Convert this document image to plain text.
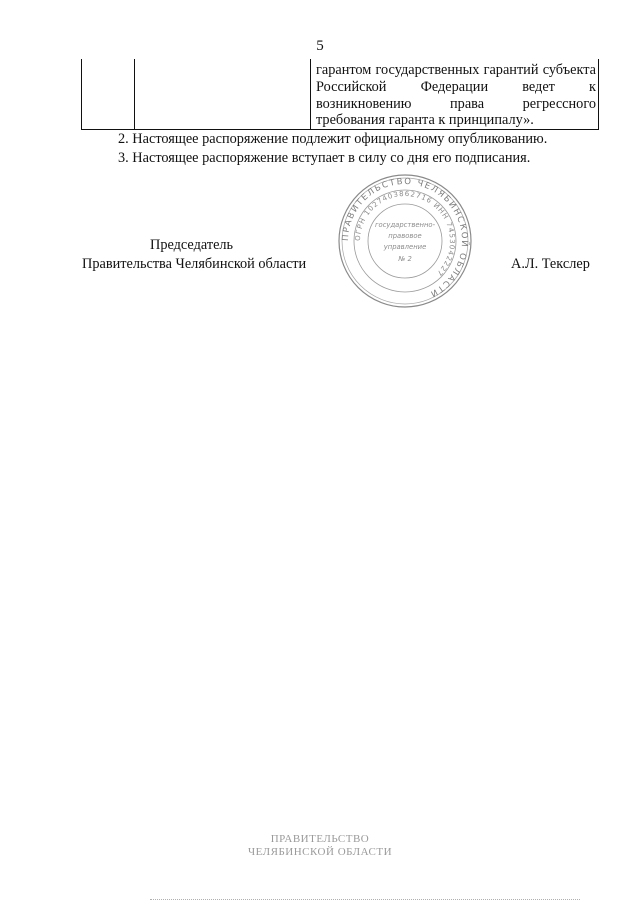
5

гарантом государственных гарантий субъекта Российской Федерации ведет к возникновению права регрессного требования гаранта к принципалу».
2. Настоящее распоряжение подлежит официальному опубликованию.
3. Настоящее распоряжение вступает в силу со дня его подписания.
Председатель
Правительства Челябинской области	А.Л. Текслер
ПРАВИТЕЛЬСТВО ЧЕЛЯБИНСКОЙ ОБЛАСТИ
ОГРН 1027403862716 ИНН 7453042227
государственно-
правовое
управление
№ 2
ПРАВИТЕЛЬСТВО
ЧЕЛЯБИНСКОЙ ОБЛАСТИ
